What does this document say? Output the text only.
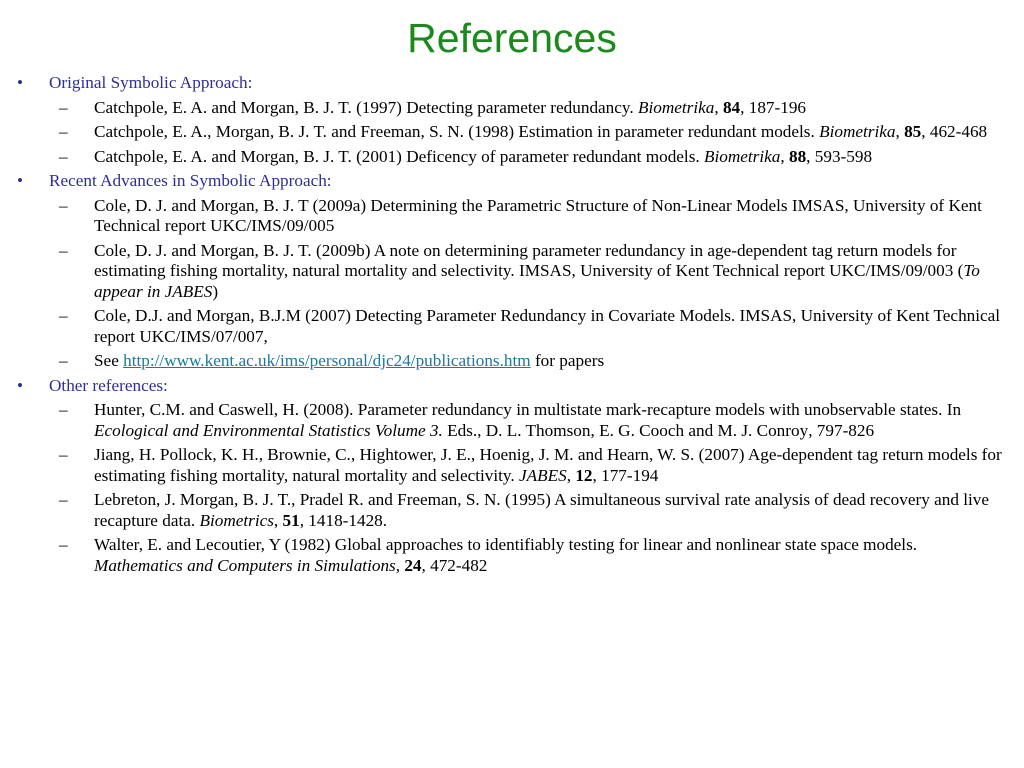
References
• Original Symbolic Approach:
– Catchpole, E. A. and Morgan, B. J. T. (1997) Detecting parameter redundancy. Biometrika, 84, 187-196
– Catchpole, E. A., Morgan, B. J. T. and Freeman, S. N. (1998) Estimation in parameter redundant models. Biometrika, 85, 462-468
– Catchpole, E. A. and Morgan, B. J. T. (2001) Deficency of parameter redundant models. Biometrika, 88, 593-598
• Recent Advances in Symbolic Approach:
– Cole, D. J. and Morgan, B. J. T (2009a) Determining the Parametric Structure of Non-Linear Models IMSAS, University of Kent Technical report UKC/IMS/09/005
– Cole, D. J. and Morgan, B. J. T. (2009b) A note on determining parameter redundancy in age-dependent tag return models for estimating fishing mortality, natural mortality and selectivity. IMSAS, University of Kent Technical report UKC/IMS/09/003 (To appear in JABES)
– Cole, D.J. and Morgan, B.J.M (2007) Detecting Parameter Redundancy in Covariate Models. IMSAS, University of Kent Technical report UKC/IMS/07/007,
– See http://www.kent.ac.uk/ims/personal/djc24/publications.htm for papers
• Other references:
– Hunter, C.M. and Caswell, H. (2008). Parameter redundancy in multistate mark-recapture models with unobservable states. In Ecological and Environmental Statistics Volume 3. Eds., D. L. Thomson, E. G. Cooch and M. J. Conroy, 797-826
– Jiang, H. Pollock, K. H., Brownie, C., Hightower, J. E., Hoenig, J. M. and Hearn, W. S. (2007) Age-dependent tag return models for estimating fishing mortality, natural mortality and selectivity. JABES, 12, 177-194
– Lebreton, J. Morgan, B. J. T., Pradel R. and Freeman, S. N. (1995) A simultaneous survival rate analysis of dead recovery and live recapture data. Biometrics, 51, 1418-1428.
– Walter, E. and Lecoutier, Y (1982) Global approaches to identifiably testing for linear and nonlinear state space models. Mathematics and Computers in Simulations, 24, 472-482
